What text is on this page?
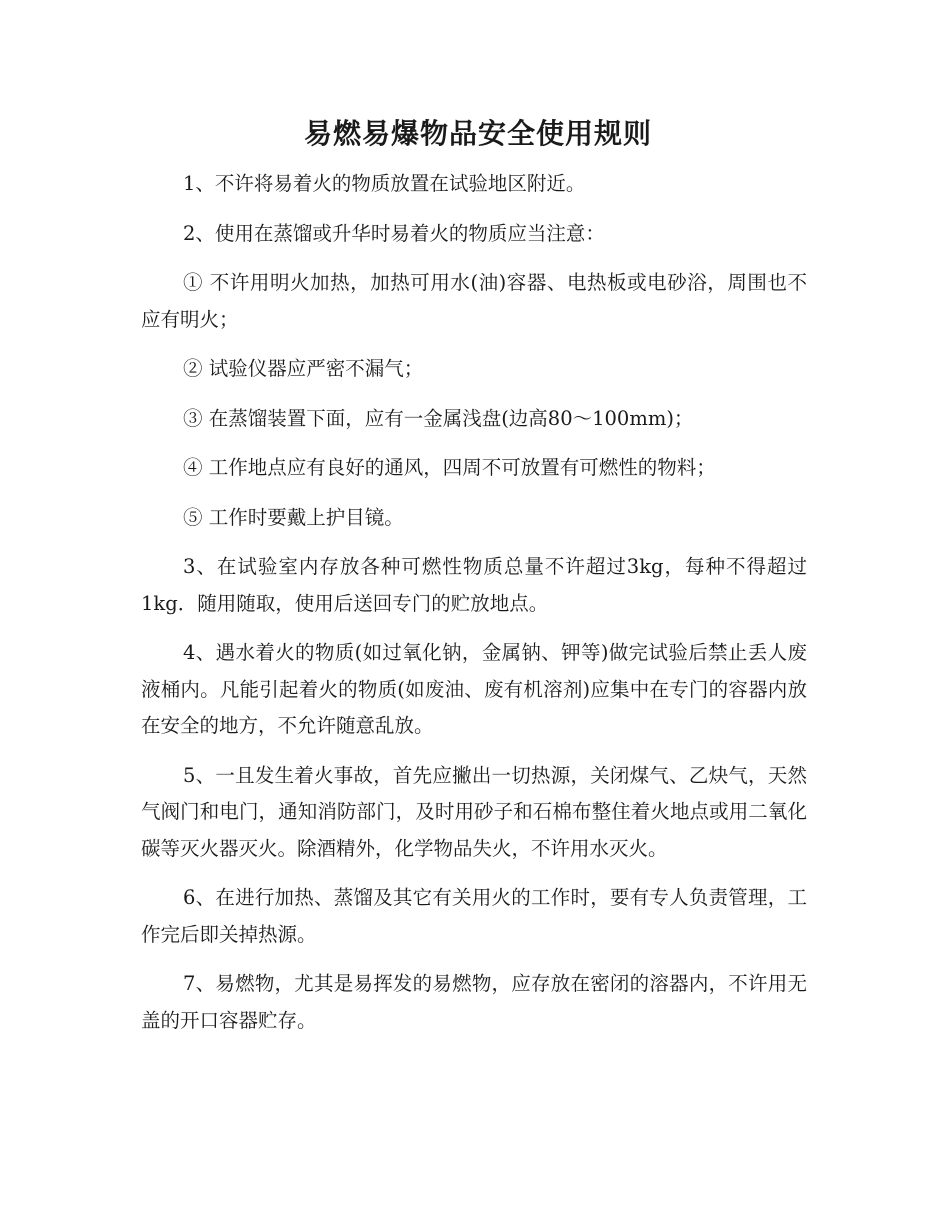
易燃易爆物品安全使用规则

1、不许将易着火的物质放置在试验地区附近。

2、使用在蒸馏或升华时易着火的物质应当注意：

① 不许用明火加热，加热可用水(油)容器、电热板或电砂浴，周围也不应有明火；

② 试验仪器应严密不漏气；

③ 在蒸馏装置下面，应有一金属浅盘(边高80～100mm)；

④ 工作地点应有良好的通风，四周不可放置有可燃性的物料；

⑤ 工作时要戴上护目镜。

3、在试验室内存放各种可燃性物质总量不许超过3kg，每种不得超过1kg．随用随取，使用后送回专门的贮放地点。

4、遇水着火的物质(如过氧化钠，金属钠、钾等)做完试验后禁止丢人废液桶内。凡能引起着火的物质(如废油、废有机溶剂)应集中在专门的容器内放在安全的地方，不允许随意乱放。

5、一且发生着火事故，首先应撇出一切热源，关闭煤气、乙炔气，天然气阀门和电门，通知消防部门，及时用砂子和石棉布整住着火地点或用二氧化碳等灭火器灭火。除酒精外，化学物品失火，不许用水灭火。

6、在进行加热、蒸馏及其它有关用火的工作时，要有专人负责管理，工作完后即关掉热源。

7、易燃物，尤其是易挥发的易燃物，应存放在密闭的溶器内，不许用无盖的开口容器贮存。
